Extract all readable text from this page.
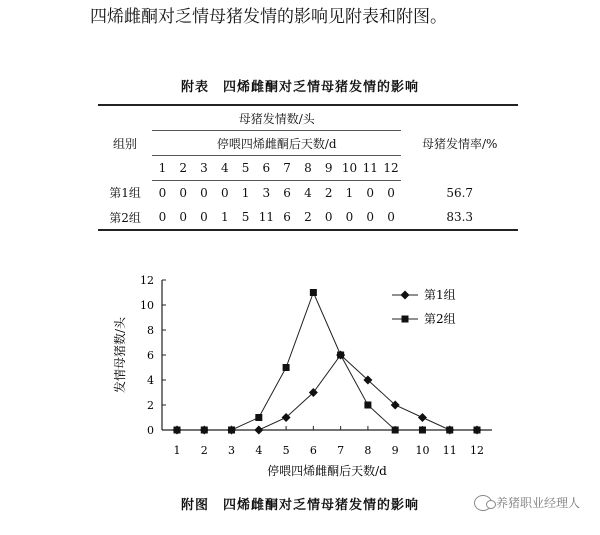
四烯雌酮对乏情母猪发情的影响见附表和附图。

附表　四烯雌酮对乏情母猪发情的影响
组别	母猪发情数/头												母猪发情率/%
	停喂四烯雌酮后天数/d												
	1	2	3	4	5	6	7	8	9	10	11	12	
第1组	0	0	0	0	1	3	6	4	2	1	0	0	56.7
第2组	0	0	0	1	5	11	6	2	0	0	0	0	83.3
0
2
4
6
8
10
12
1 2 3 4 5 6 7 8 9 10 11 12
停喂四烯雌酮后天数/d
发情母猪数/头
第1组
第2组
附图　四烯雌酮对乏情母猪发情的影响	养猪职业经理人
